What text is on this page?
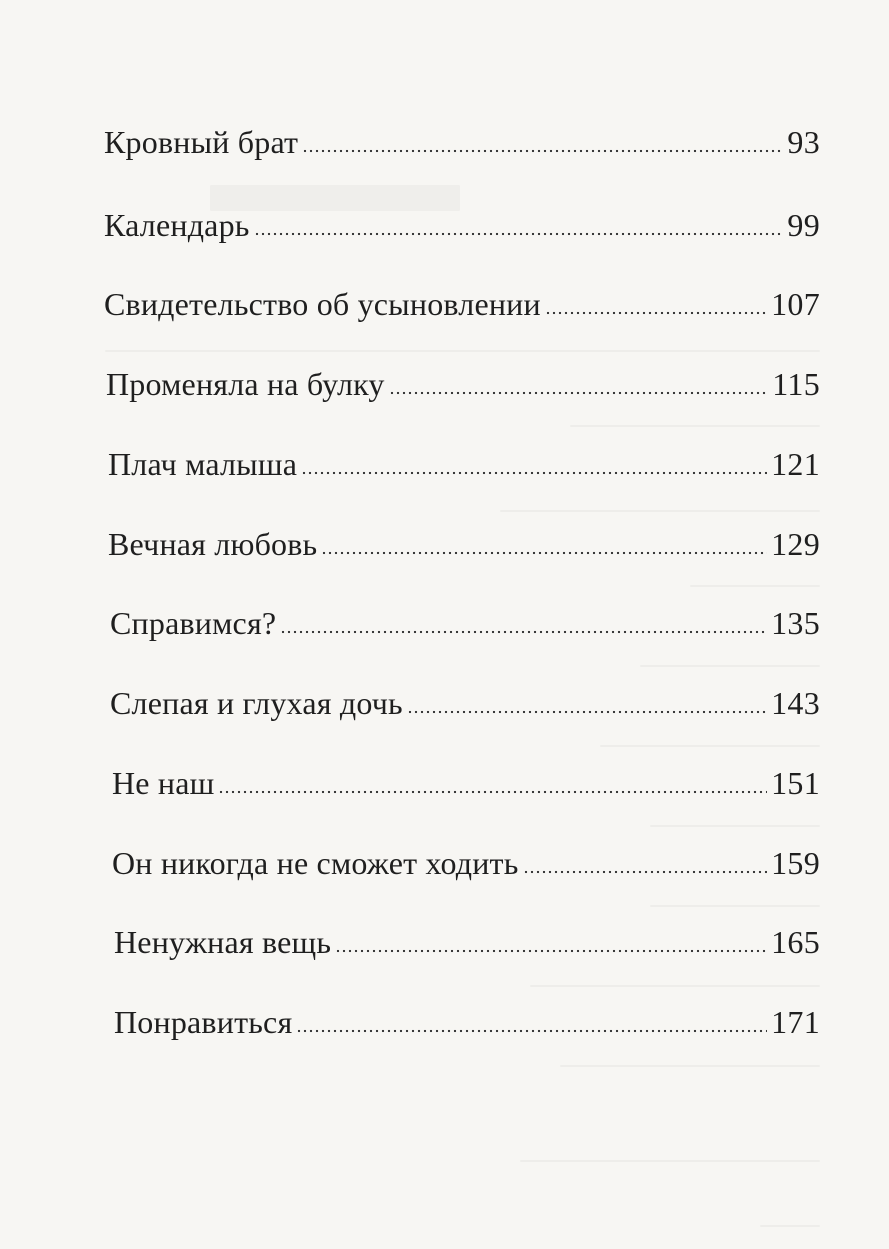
Кровный брат	93
Календарь	99
Свидетельство об усыновлении	107
Променяла на булку	115
Плач малыша	121
Вечная любовь	129
Справимся?	135
Слепая и глухая дочь	143
Не наш	151
Он никогда не сможет ходить	159
Ненужная вещь	165
Понравиться	171
